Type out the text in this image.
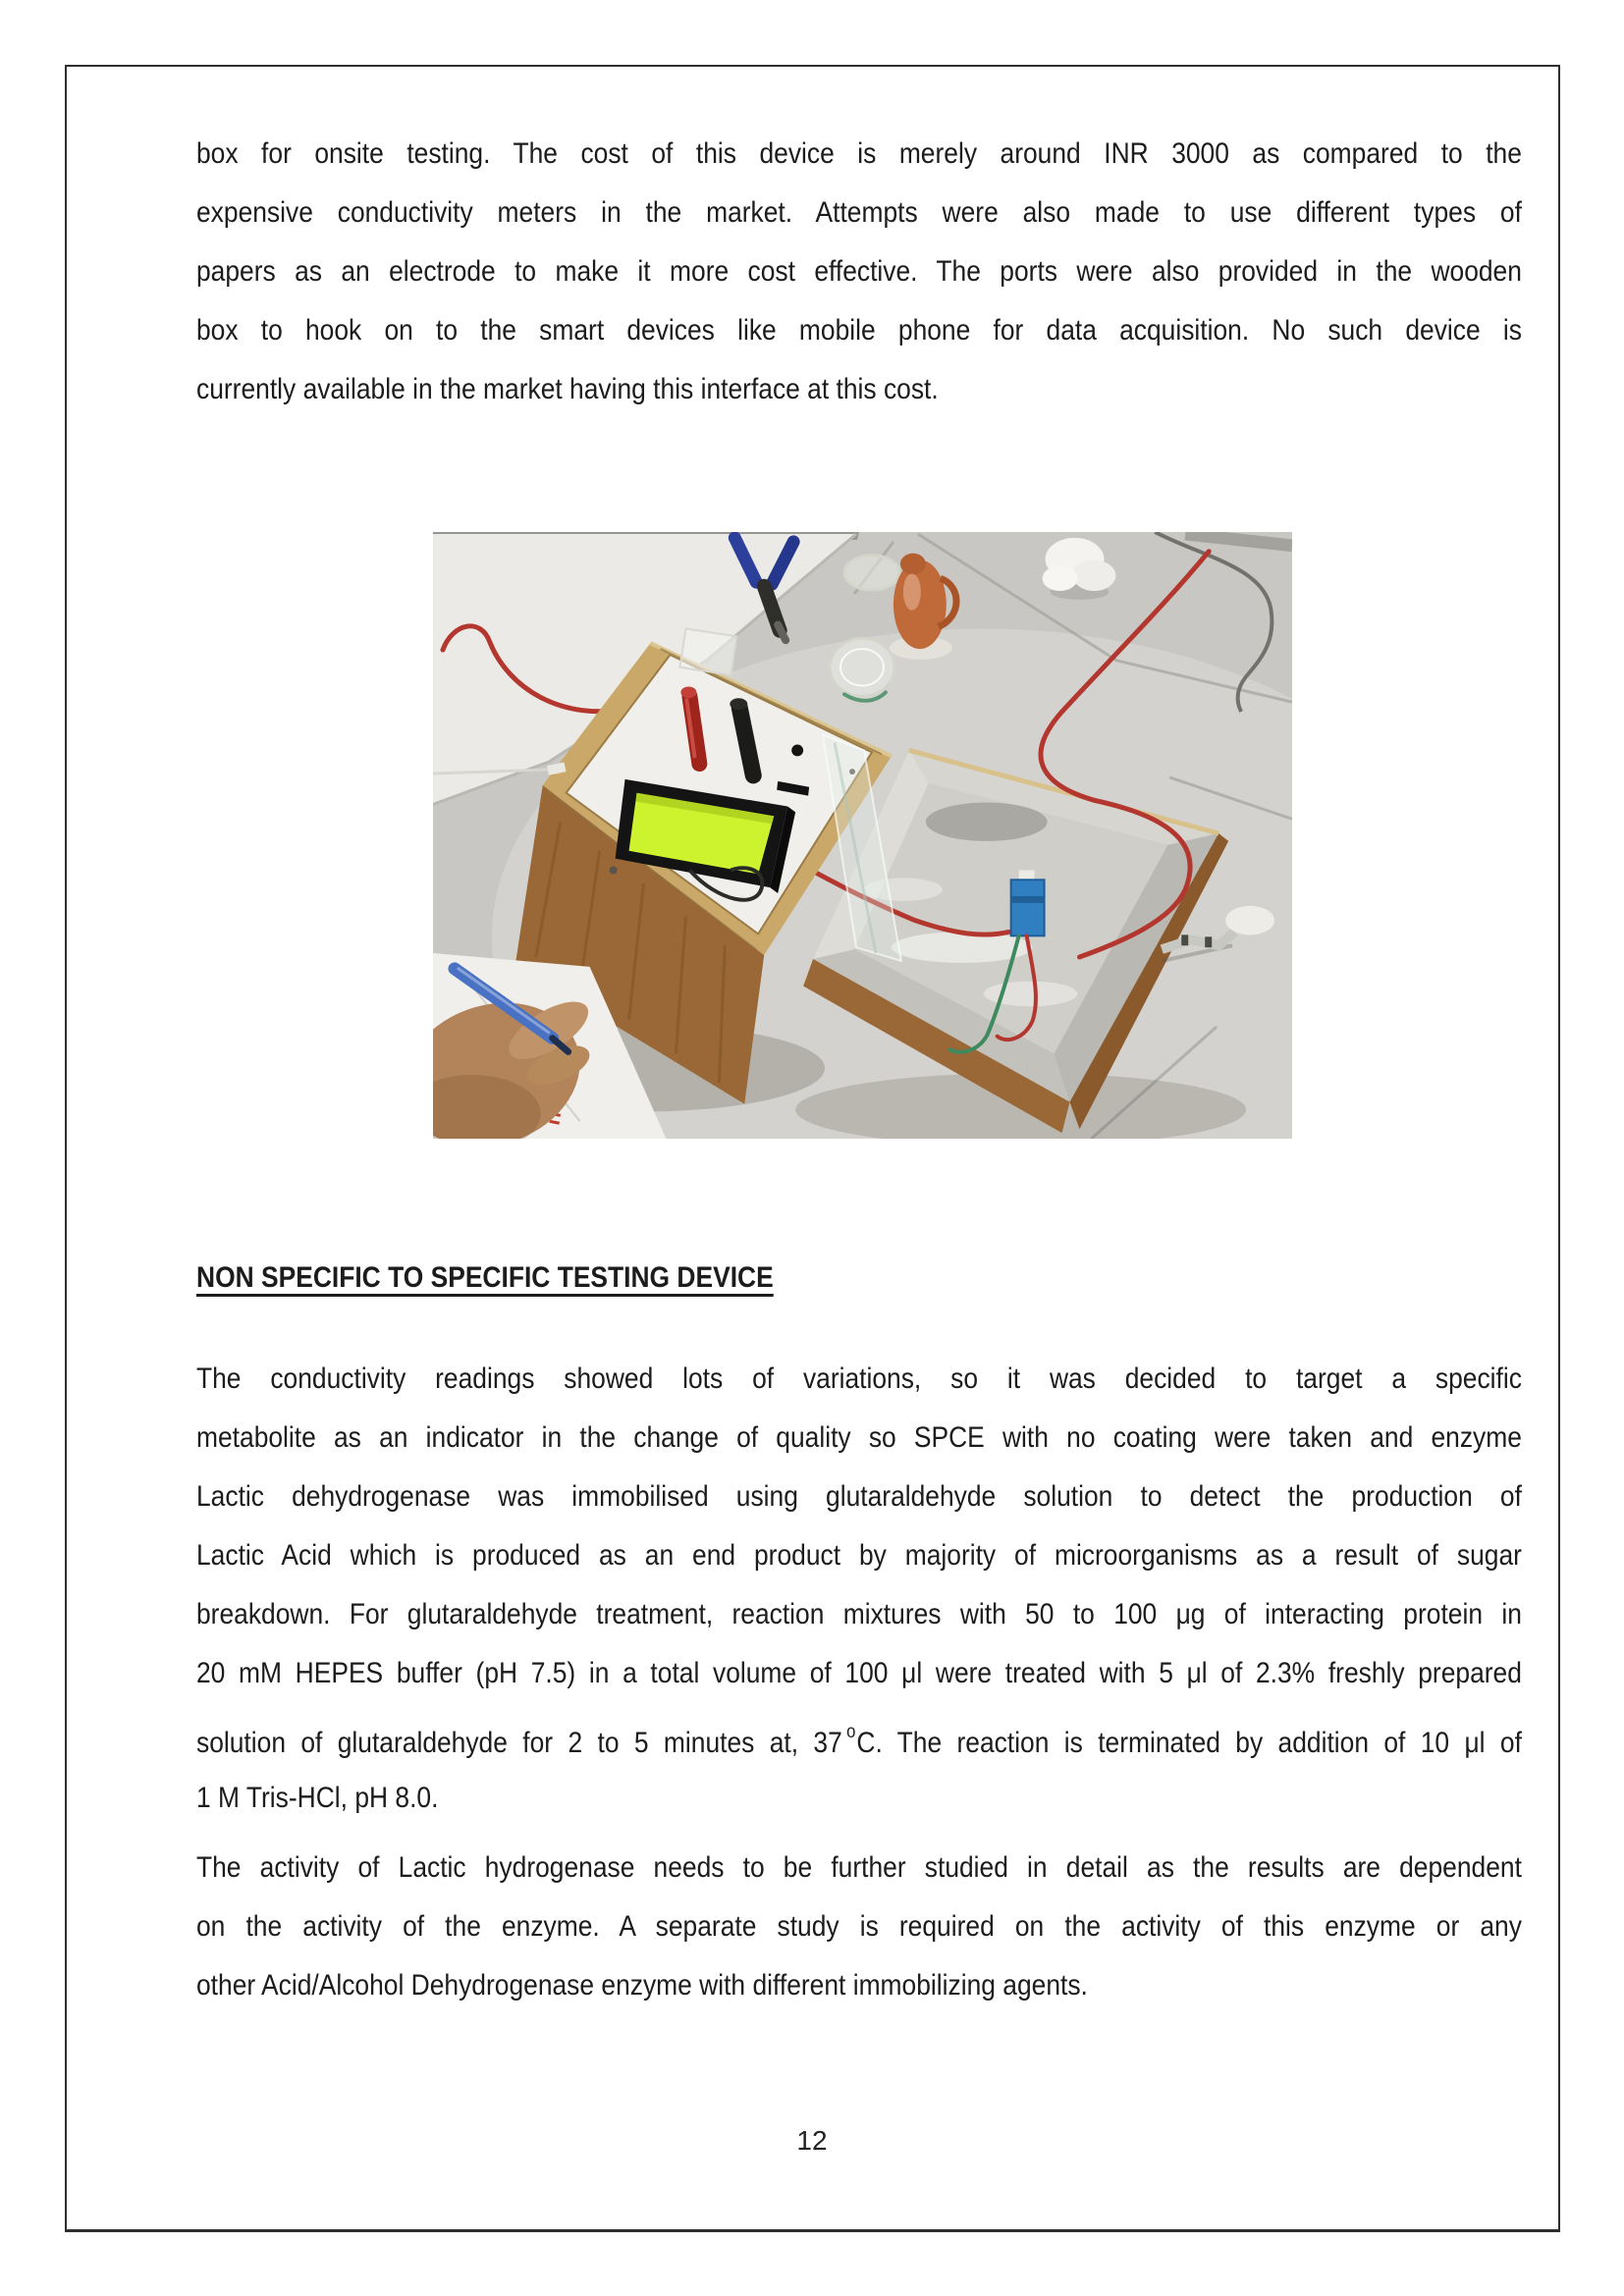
box for onsite testing. The cost of this device is merely around INR 3000 as compared to the
expensive conductivity meters in the market. Attempts were also made to use different types of
papers as an electrode to make it more cost effective. The ports were also provided in the wooden
box to hook on to the smart devices like mobile phone for data acquisition. No such device is

currently available in the market having this interface at this cost.

NON SPECIFIC TO SPECIFIC TESTING DEVICE

The conductivity readings showed lots of variations, so it was decided to target a specific
metabolite as an indicator in the change of quality so SPCE with no coating were taken and enzyme
Lactic dehydrogenase was immobilised using glutaraldehyde solution to detect the production of
Lactic Acid which is produced as an end product by majority of microorganisms as a result of sugar
breakdown. For glutaraldehyde treatment, reaction mixtures with 50 to 100 μg of interacting protein in
20 mM HEPES buffer (pH 7.5) in a total volume of 100 μl were treated with 5 μl of 2.3% freshly prepared

solution of glutaraldehyde for 2 to 5 minutes at, 37 $^o$C. The reaction is terminated by addition of 10 μl of

1 M Tris-HCl, pH 8.0.

The activity of Lactic hydrogenase needs to be further studied in detail as the results are dependent
on the activity of the enzyme. A separate study is required on the activity of this enzyme or any

other Acid/Alcohol Dehydrogenase enzyme with different immobilizing agents.

12
